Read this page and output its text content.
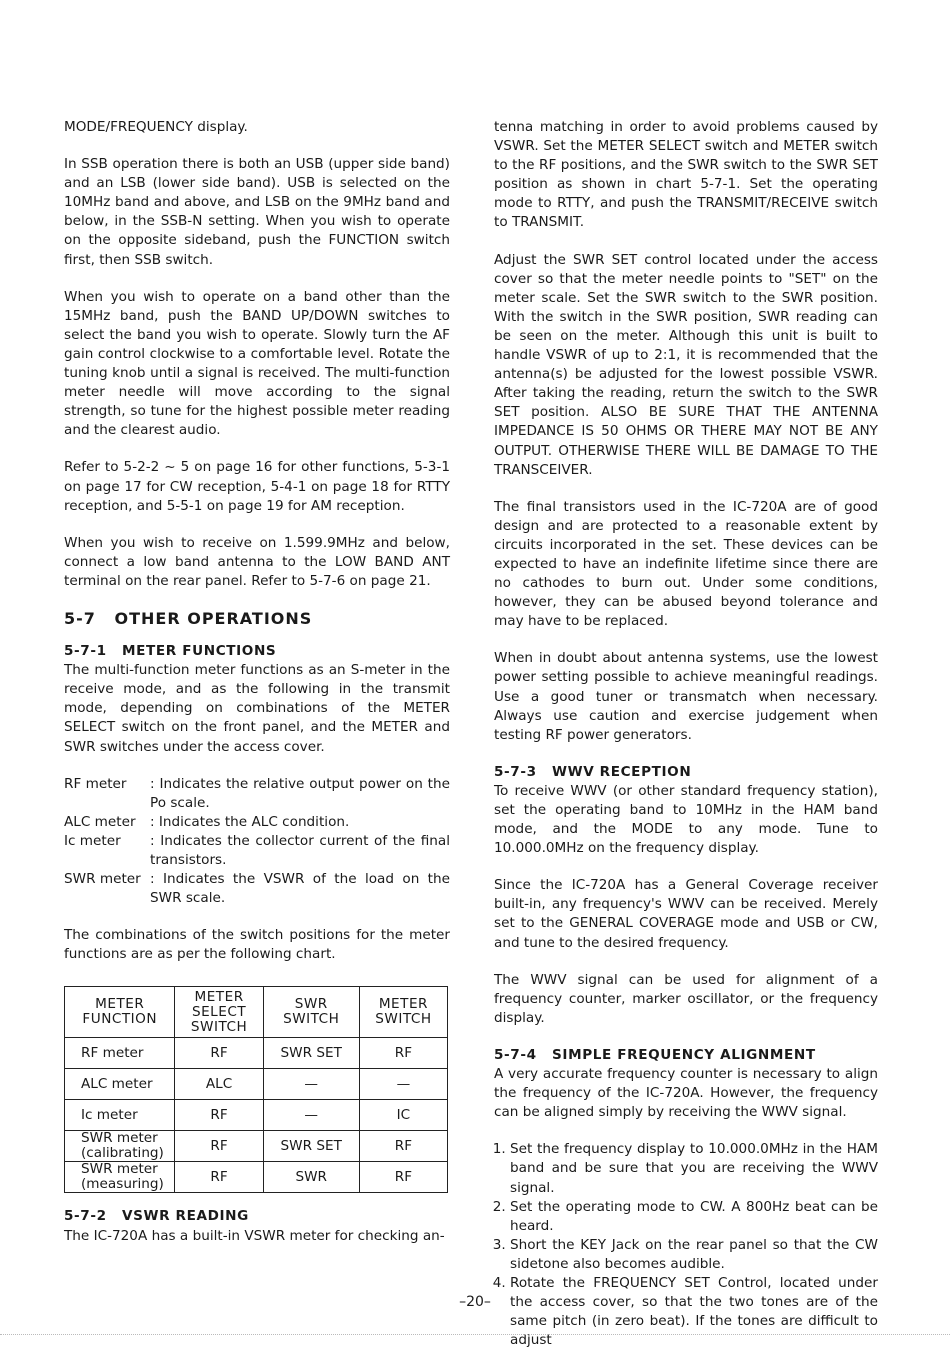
MODE/FREQUENCY display.

In SSB operation there is both an USB (upper side band) and an LSB (lower side band). USB is selected on the 10MHz band and above, and LSB on the 9MHz band and below, in the SSB-N setting. When you wish to operate on the opposite sideband, push the FUNCTION switch first, then SSB switch.

When you wish to operate on a band other than the 15MHz band, push the BAND UP/DOWN switches to select the band you wish to operate. Slowly turn the AF gain control clockwise to a comfortable level. Rotate the tuning knob until a signal is received. The multi-function meter needle will move according to the signal strength, so tune for the highest possible meter reading and the clearest audio.

Refer to 5-2-2 ~ 5 on page 16 for other functions, 5-3-1 on page 17 for CW reception, 5-4-1 on page 18 for RTTY reception, and 5-5-1 on page 19 for AM reception.

When you wish to receive on 1.599.9MHz and below, connect a low band antenna to the LOW BAND ANT terminal on the rear panel. Refer to 5-7-6 on page 21.

5-7 OTHER OPERATIONS
5-7-1 METER FUNCTIONS

The multi-function meter functions as an S-meter in the receive mode, and as the following in the transmit mode, depending on combinations of the METER SELECT switch on the front panel, and the METER and SWR switches under the access cover.

RF meter	: Indicates the relative output power on the Po scale.
ALC meter	: Indicates the ALC condition.
Ic meter	: Indicates the collector current of the final transistors.
SWR meter : Indicates the VSWR of the load on the SWR scale.

The combinations of the switch positions for the meter functions are as per the following chart.

METER FUNCTION	METER SELECT SWITCH	SWR SWITCH	METER SWITCH
RF meter	RF	SWR SET	RF
ALC meter	ALC	—	—
Ic meter	RF	—	IC
SWR meter (calibrating)	RF	SWR SET	RF
SWR meter (measuring)	RF	SWR	RF
5-7-2 VSWR READING

The IC-720A has a built-in VSWR meter for checking an-

tenna matching in order to avoid problems caused by VSWR. Set the METER SELECT switch and METER switch to the RF positions, and the SWR switch to the SWR SET position as shown in chart 5-7-1. Set the operating mode to RTTY, and push the TRANSMIT/RECEIVE switch to TRANSMIT.

Adjust the SWR SET control located under the access cover so that the meter needle points to "SET" on the meter scale. Set the SWR switch to the SWR position. With the switch in the SWR position, SWR reading can be seen on the meter. Although this unit is built to handle VSWR of up to 2:1, it is recommended that the antenna(s) be adjusted for the lowest possible VSWR. After taking the reading, return the switch to the SWR SET position. ALSO BE SURE THAT THE ANTENNA IMPEDANCE IS 50 OHMS OR THERE MAY NOT BE ANY OUTPUT. OTHERWISE THERE WILL BE DAMAGE TO THE TRANSCEIVER.

The final transistors used in the IC-720A are of good design and are protected to a reasonable extent by circuits incorporated in the set. These devices can be expected to have an indefinite lifetime since there are no cathodes to burn out. Under some conditions, however, they can be abused beyond tolerance and may have to be replaced.

When in doubt about antenna systems, use the lowest power setting possible to achieve meaningful readings. Use a good tuner or transmatch when necessary. Always use caution and exercise judgement when testing RF power generators.

5-7-3 WWV RECEPTION

To receive WWV (or other standard frequency station), set the operating band to 10MHz in the HAM band mode, and the MODE to any mode. Tune to 10.000.0MHz on the frequency display.

Since the IC-720A has a General Coverage receiver built-in, any frequency's WWV can be received. Merely set to the GENERAL COVERAGE mode and USB or CW, and tune to the desired frequency.

The WWV signal can be used for alignment of a frequency counter, marker oscillator, or the frequency display.

5-7-4 SIMPLE FREQUENCY ALIGNMENT

A very accurate frequency counter is necessary to align the frequency of the IC-720A. However, the frequency can be aligned simply by receiving the WWV signal.

1. Set the frequency display to 10.000.0MHz in the HAM band and be sure that you are receiving the WWV signal.
2. Set the operating mode to CW. A 800Hz beat can be heard.
3. Short the KEY Jack on the rear panel so that the CW sidetone also becomes audible.
4. Rotate the FREQUENCY SET Control, located under the access cover, so that the two tones are of the same pitch (in zero beat). If the tones are difficult to adjust
–20–
